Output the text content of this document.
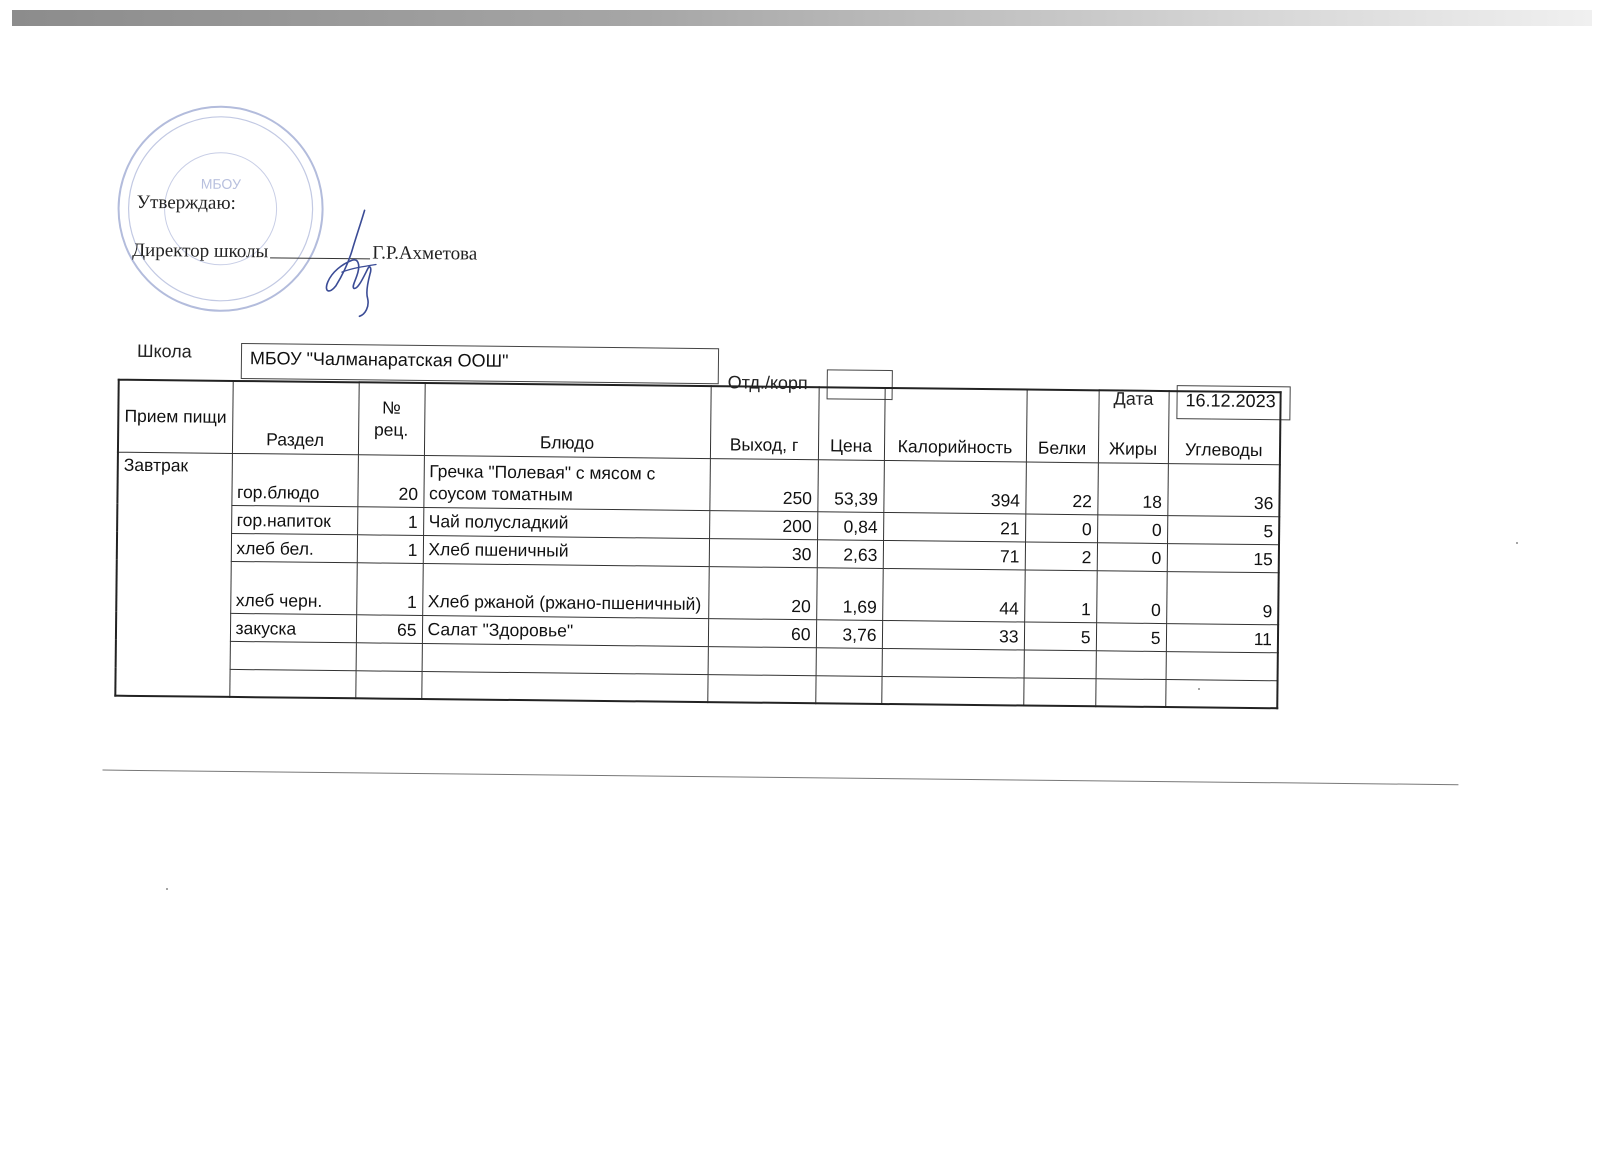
МБОУ
Утверждаю:
Директор школы	Г.Р.Ахметова
Школа	МБОУ "Чалманаратская ООШ"
Отд./корп
Дата	16.12.2023
Прием пищи	Раздел	№ рец.	Блюдо	Выход, г	Цена	Калорийность	Белки	Жиры	Углеводы
Завтрак	гор.блюдо	20	Гречка "Полевая" с мясом с соусом томатным	250	53,39	394	22	18	36
	гор.напиток	1	Чай полусладкий	200	0,84	21	0	0	5
	хлеб бел.	1	Хлеб пшеничный	30	2,63	71	2	0	15
	хлеб черн.	1	Хлеб ржаной (ржано-пшеничный)	20	1,69	44	1	0	9
	закуска	65	Салат "Здоровье"	60	3,76	33	5	5	11
